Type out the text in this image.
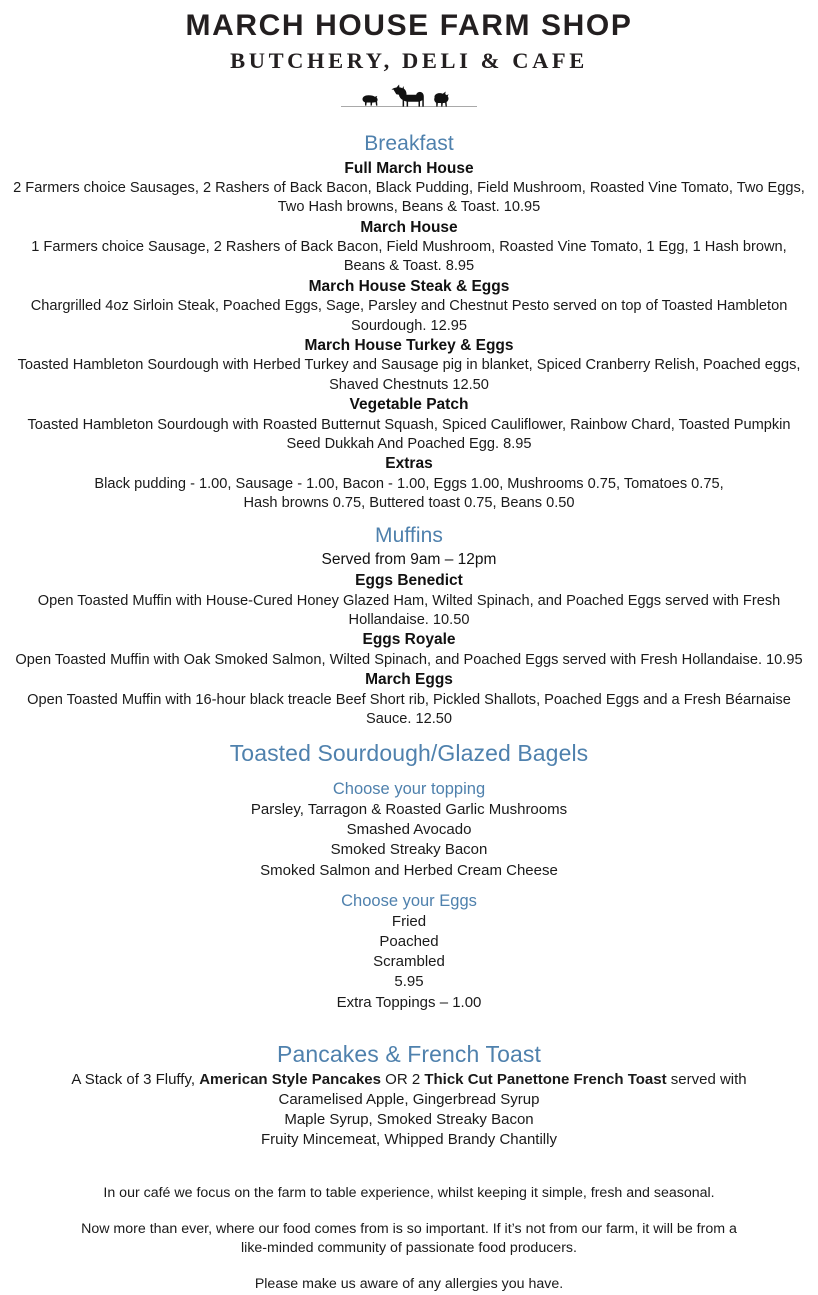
MARCH HOUSE FARM SHOP
BUTCHERY, DELI & CAFE
Breakfast
Full March House
2 Farmers choice Sausages, 2 Rashers of Back Bacon, Black Pudding, Field Mushroom, Roasted Vine Tomato, Two Eggs, Two Hash browns, Beans & Toast. 10.95
March House
1 Farmers choice Sausage, 2 Rashers of Back Bacon, Field Mushroom, Roasted Vine Tomato, 1 Egg, 1 Hash brown, Beans & Toast. 8.95
March House Steak & Eggs
Chargrilled 4oz Sirloin Steak, Poached Eggs, Sage, Parsley and Chestnut Pesto served on top of Toasted Hambleton Sourdough. 12.95
March House Turkey & Eggs
Toasted Hambleton Sourdough with Herbed Turkey and Sausage pig in blanket, Spiced Cranberry Relish, Poached eggs, Shaved Chestnuts 12.50
Vegetable Patch
Toasted Hambleton Sourdough with Roasted Butternut Squash, Spiced Cauliflower, Rainbow Chard, Toasted Pumpkin Seed Dukkah And Poached Egg. 8.95
Extras
Black pudding - 1.00, Sausage - 1.00, Bacon - 1.00, Eggs 1.00, Mushrooms 0.75, Tomatoes 0.75, Hash browns 0.75, Buttered toast 0.75, Beans 0.50
Muffins
Served from 9am – 12pm
Eggs Benedict
Open Toasted Muffin with House-Cured Honey Glazed Ham, Wilted Spinach, and Poached Eggs served with Fresh Hollandaise. 10.50
Eggs Royale
Open Toasted Muffin with Oak Smoked Salmon, Wilted Spinach, and Poached Eggs served with Fresh Hollandaise. 10.95
March Eggs
Open Toasted Muffin with 16-hour black treacle Beef Short rib, Pickled Shallots, Poached Eggs and a Fresh Béarnaise Sauce. 12.50
Toasted Sourdough/Glazed Bagels
Choose your topping
Parsley, Tarragon & Roasted Garlic Mushrooms
Smashed Avocado
Smoked Streaky Bacon
Smoked Salmon and Herbed Cream Cheese
Choose your Eggs
Fried
Poached
Scrambled
5.95
Extra Toppings – 1.00
Pancakes & French Toast
A Stack of 3 Fluffy, American Style Pancakes OR 2 Thick Cut Panettone French Toast served with
Caramelised Apple, Gingerbread Syrup
Maple Syrup, Smoked Streaky Bacon
Fruity Mincemeat, Whipped Brandy Chantilly

In our café we focus on the farm to table experience, whilst keeping it simple, fresh and seasonal.

Now more than ever, where our food comes from is so important. If it’s not from our farm, it will be from a like-minded community of passionate food producers.

Please make us aware of any allergies you have.
